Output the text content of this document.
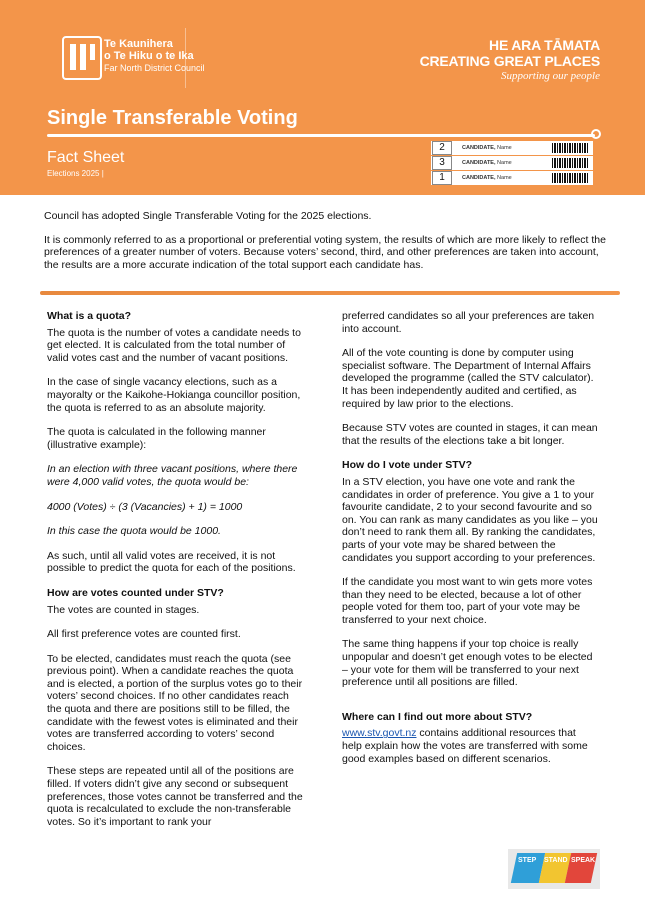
Te Kaunihera
o Te Hiku o te Ika
Far North District Council
HE ARA TĀMATA
CREATING GREAT PLACES
Supporting our people
Single Transferable Voting
Fact Sheet
Elections 2025 |
2	CANDIDATE, Name
3	CANDIDATE, Name
1	CANDIDATE, Name

Council has adopted Single Transferable Voting for the 2025 elections.

It is commonly referred to as a proportional or preferential voting system, the results of which are more likely to reflect the preferences of a greater number of voters. Because voters’ second, third, and other preferences are taken into account, the results are a more accurate indication of the total support each candidate has.

What is a quota?

The quota is the number of votes a candidate needs to get elected. It is calculated from the total number of valid votes cast and the number of vacant positions.

In the case of single vacancy elections, such as a mayoralty or the Kaikohe-Hokianga councillor position, the quota is referred to as an absolute majority.

The quota is calculated in the following manner (illustrative example):

In an election with three vacant positions, where there were 4,000 valid votes, the quota would be:

4000 (Votes) ÷ (3 (Vacancies) + 1) = 1000

In this case the quota would be 1000.

As such, until all valid votes are received, it is not possible to predict the quota for each of the positions.

How are votes counted under STV?

The votes are counted in stages.

All first preference votes are counted first.

To be elected, candidates must reach the quota (see previous point). When a candidate reaches the quota and is elected, a portion of the surplus votes go to their voters’ second choices. If no other candidates reach the quota and there are positions still to be filled, the candidate with the fewest votes is eliminated and their votes are transferred according to voters’ second choices.

These steps are repeated until all of the positions are filled. If voters didn’t give any second or subsequent preferences, those votes cannot be transferred and the quota is recalculated to exclude the non-transferable votes. So it’s important to rank your

preferred candidates so all your preferences are taken into account.

All of the vote counting is done by computer using specialist software. The Department of Internal Affairs developed the programme (called the STV calculator). It has been independently audited and certified, as required by law prior to the elections.

Because STV votes are counted in stages, it can mean that the results of the elections take a bit longer.

How do I vote under STV?

In a STV election, you have one vote and rank the candidates in order of preference. You give a 1 to your favourite candidate, 2 to your second favourite and so on. You can rank as many candidates as you like – you don’t need to rank them all. By ranking the candidates, parts of your vote may be shared between the candidates you support according to your preferences.

If the candidate you most want to win gets more votes than they need to be elected, because a lot of other people voted for them too, part of your vote may be transferred to your next choice.

The same thing happens if your top choice is really unpopular and doesn’t get enough votes to be elected – your vote for them will be transferred to your next preference until all positions are filled.

Where can I find out more about STV?

www.stv.govt.nz contains additional resources that help explain how the votes are transferred with some good examples based on different scenarios.

STEP STAND SPEAK
